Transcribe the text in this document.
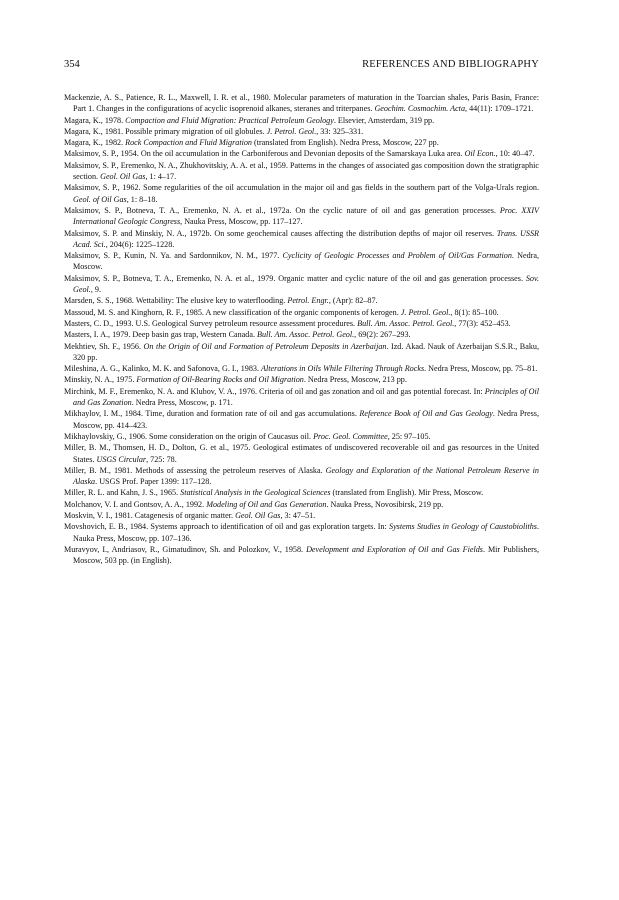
354	REFERENCES AND BIBLIOGRAPHY
Mackenzie, A. S., Patience, R. L., Maxwell, I. R. et al., 1980. Molecular parameters of maturation in the Toarcian shales, Paris Basin, France: Part 1. Changes in the configurations of acyclic isoprenoid alkanes, steranes and triterpanes. Geochim. Cosmochim. Acta, 44(11): 1709–1721.
Magara, K., 1978. Compaction and Fluid Migration: Practical Petroleum Geology. Elsevier, Amsterdam, 319 pp.
Magara, K., 1981. Possible primary migration of oil globules. J. Petrol. Geol., 33: 325–331.
Magara, K., 1982. Rock Compaction and Fluid Migration (translated from English). Nedra Press, Moscow, 227 pp.
Maksimov, S. P., 1954. On the oil accumulation in the Carboniferous and Devonian deposits of the Samarskaya Luka area. Oil Econ., 10: 40–47.
Maksimov, S. P., Eremenko, N. A., Zhukhovitskiy, A. A. et al., 1959. Patterns in the changes of associated gas composition down the stratigraphic section. Geol. Oil Gas, 1: 4–17.
Maksimov, S. P., 1962. Some regularities of the oil accumulation in the major oil and gas fields in the southern part of the Volga-Urals region. Geol. of Oil Gas, 1: 8–18.
Maksimov, S. P., Botneva, T. A., Eremenko, N. A. et al., 1972a. On the cyclic nature of oil and gas generation processes. Proc. XXIV International Geologic Congress, Nauka Press, Moscow, pp. 117–127.
Maksimov, S. P. and Minskiy, N. A., 1972b. On some geochemical causes affecting the distribution depths of major oil reserves. Trans. USSR Acad. Sci., 204(6): 1225–1228.
Maksimov, S. P., Kunin, N. Ya. and Sardonnikov, N. M., 1977. Cyclicity of Geologic Processes and Problem of Oil/Gas Formation. Nedra, Moscow.
Maksimov, S. P., Botneva, T. A., Eremenko, N. A. et al., 1979. Organic matter and cyclic nature of the oil and gas generation processes. Sov. Geol., 9.
Marsden, S. S., 1968. Wettability: The elusive key to waterflooding. Petrol. Engr., (Apr): 82–87.
Massoud, M. S. and Kinghorn, R. F., 1985. A new classification of the organic components of kerogen. J. Petrol. Geol., 8(1): 85–100.
Masters, C. D., 1993. U.S. Geological Survey petroleum resource assessment procedures. Bull. Am. Assoc. Petrol. Geol., 77(3): 452–453.
Masters, I. A., 1979. Deep basin gas trap, Western Canada. Bull. Am. Assoc. Petrol. Geol., 69(2): 267–293.
Mekhtiev, Sh. F., 1956. On the Origin of Oil and Formation of Petroleum Deposits in Azerbaijan. Izd. Akad. Nauk of Azerbaijan S.S.R., Baku, 320 pp.
Mileshina, A. G., Kalinko, M. K. and Safonova, G. I., 1983. Alterations in Oils While Filtering Through Rocks. Nedra Press, Moscow, pp. 75–81.
Minskiy, N. A., 1975. Formation of Oil-Bearing Rocks and Oil Migration. Nedra Press, Moscow, 213 pp.
Mirchink, M. F., Eremenko, N. A. and Klubov, V. A., 1976. Criteria of oil and gas zonation and oil and gas potential forecast. In: Principles of Oil and Gas Zonation. Nedra Press, Moscow, p. 171.
Mikhaylov, I. M., 1984. Time, duration and formation rate of oil and gas accumulations. Reference Book of Oil and Gas Geology. Nedra Press, Moscow, pp. 414–423.
Mikhaylovskiy, G., 1906. Some consideration on the origin of Caucasus oil. Proc. Geol. Committee, 25: 97–105.
Miller, B. M., Thomsen, H. D., Dolton, G. et al., 1975. Geological estimates of undiscovered recoverable oil and gas resources in the United States. USGS Circular, 725: 78.
Miller, B. M., 1981. Methods of assessing the petroleum reserves of Alaska. Geology and Exploration of the National Petroleum Reserve in Alaska. USGS Prof. Paper 1399: 117–128.
Miller, R. L. and Kahn, J. S., 1965. Statistical Analysis in the Geological Sciences (translated from English). Mir Press, Moscow.
Molchanov, V. I. and Gontsov, A. A., 1992. Modeling of Oil and Gas Generation. Nauka Press, Novosibirsk, 219 pp.
Moskvin, V. I., 1981. Catagenesis of organic matter. Geol. Oil Gas, 3: 47–51.
Movshovich, E. B., 1984. Systems approach to identification of oil and gas exploration targets. In: Systems Studies in Geology of Caustobioliths. Nauka Press, Moscow, pp. 107–136.
Muravyov, I., Andriasov, R., Gimatudinov, Sh. and Polozkov, V., 1958. Development and Exploration of Oil and Gas Fields. Mir Publishers, Moscow, 503 pp. (in English).
